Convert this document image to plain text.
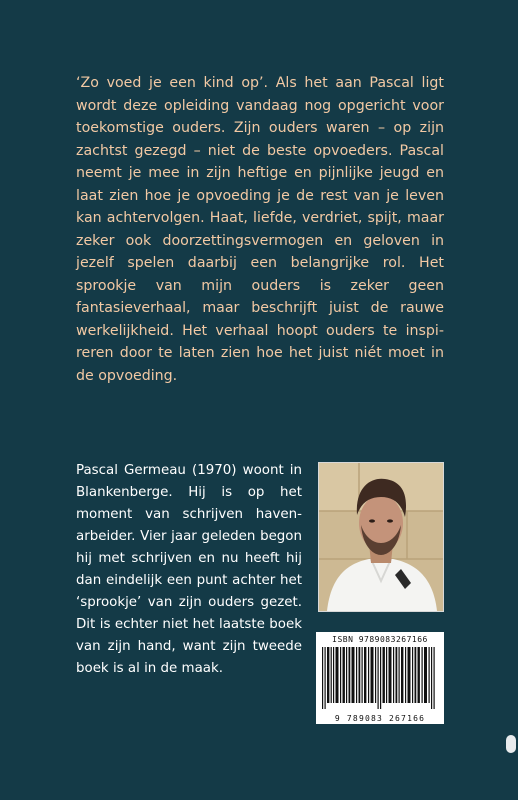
‘Zo voed je een kind op’. Als het aan Pascal ligt wordt deze opleiding vandaag nog opgericht voor toekomstige ouders. Zijn ouders waren – op zijn zachtst gezegd – niet de beste opvoeders. Pascal neemt je mee in zijn heftige en pijnlijke jeugd en laat zien hoe je opvoeding je de rest van je leven kan achtervolgen. Haat, liefde, verdriet, spijt, maar zeker ook doorzettingsvermogen en geloven in jezelf spelen daarbij een belangrijke rol. Het sprookje van mijn ouders is zeker geen fantasieverhaal, maar beschrijft juist de rauwe werkelijkheid. Het verhaal hoopt ouders te inspireren door te laten zien hoe het juist niét moet in de opvoeding.

Pascal Germeau (1970) woont in Blankenberge. Hij is op het moment van schrijven havenarbeider. Vier jaar geleden begon hij met schrijven en nu heeft hij dan eindelijk een punt achter het ‘sprookje’ van zijn ouders gezet. Dit is echter niet het laatste boek van zijn hand, want zijn tweede boek is al in de maak.

ISBN 9789083267166
9 789083 267166
